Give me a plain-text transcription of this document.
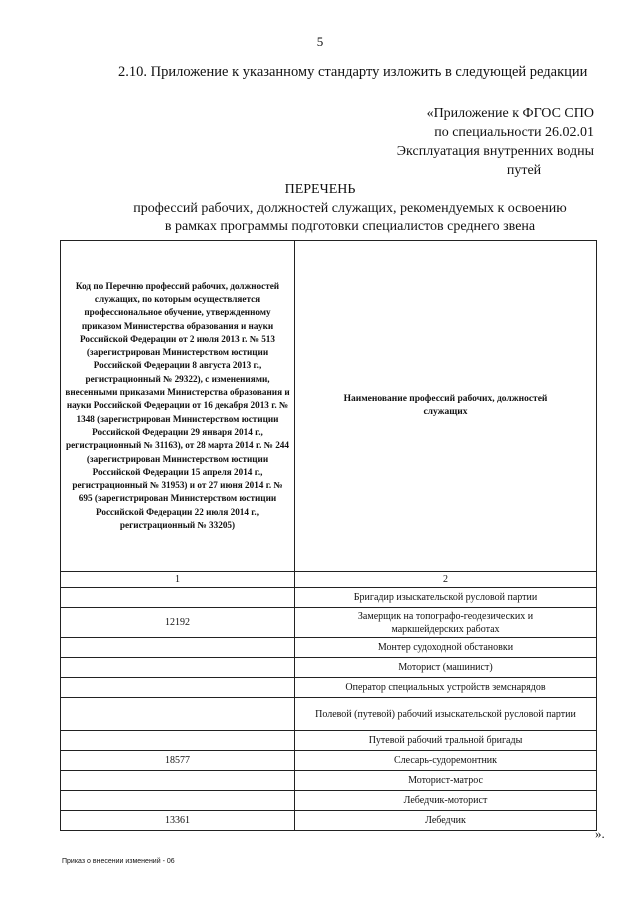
5
2.10. Приложение к указанному стандарту изложить в следующей редакции
«Приложение к ФГОС СПО
по специальности 26.02.01
Эксплуатация внутренних водны
путей
ПЕРЕЧЕНЬ
профессий рабочих, должностей служащих, рекомендуемых к освоению
в рамках программы подготовки специалистов среднего звена
Код по Перечню профессий рабочих, должностей служащих, по которым осуществляется профессиональное обучение, утвержденному приказом Министерства образования и науки Российской Федерации от 2 июля 2013 г. № 513 (зарегистрирован Министерством юстиции Российской Федерации 8 августа 2013 г., регистрационный № 29322), с изменениями, внесенными приказами Министерства образования и науки Российской Федерации от 16 декабря 2013 г. № 1348 (зарегистрирован Министерством юстиции Российской Федерации 29 января 2014 г., регистрационный № 31163), от 28 марта 2014 г. № 244 (зарегистрирован Министерством юстиции Российской Федерации 15 апреля 2014 г., регистрационный № 31953) и от 27 июня 2014 г. № 695 (зарегистрирован Министерством юстиции Российской Федерации 22 июля 2014 г., регистрационный № 33205)	Наименование профессий рабочих, должностей служащих
1	2
	Бригадир изыскательской русловой партии
12192	Замерщик на топографо-геодезических и маркшейдерских работах
	Монтер судоходной обстановки
	Моторист (машинист)
	Оператор специальных устройств земснарядов
	Полевой (путевой) рабочий изыскательской русловой партии
	Путевой рабочий тральной бригады
18577	Слесарь-судоремонтник
	Моторист-матрос
	Лебедчик-моторист
13361	Лебедчик
».
Приказ о внесении изменений - 06
